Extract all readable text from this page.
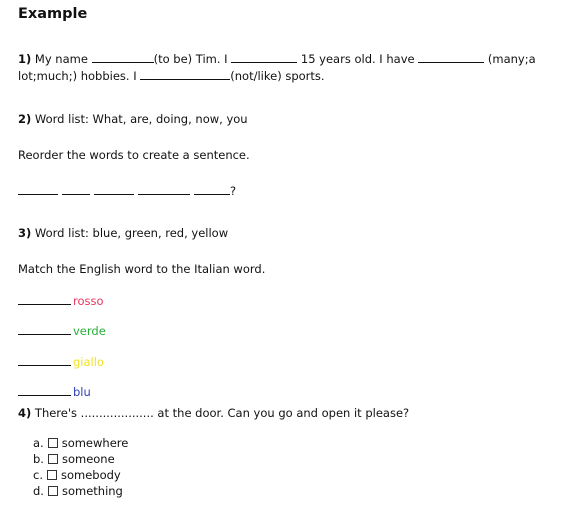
Example
1) My name	(to be) Tim. I	15 years old. I have	(many;a
lot;much;) hobbies. I	(not/like) sports.
2) Word list: What, are, doing, now, you
Reorder the words to create a sentence.
?
3) Word list: blue, green, red, yellow
Match the English word to the Italian word.
rosso
verde
giallo
blu
4) There's .................... at the door. Can you go and open it please?
a. somewhere
b. someone
c. somebody
d. something
